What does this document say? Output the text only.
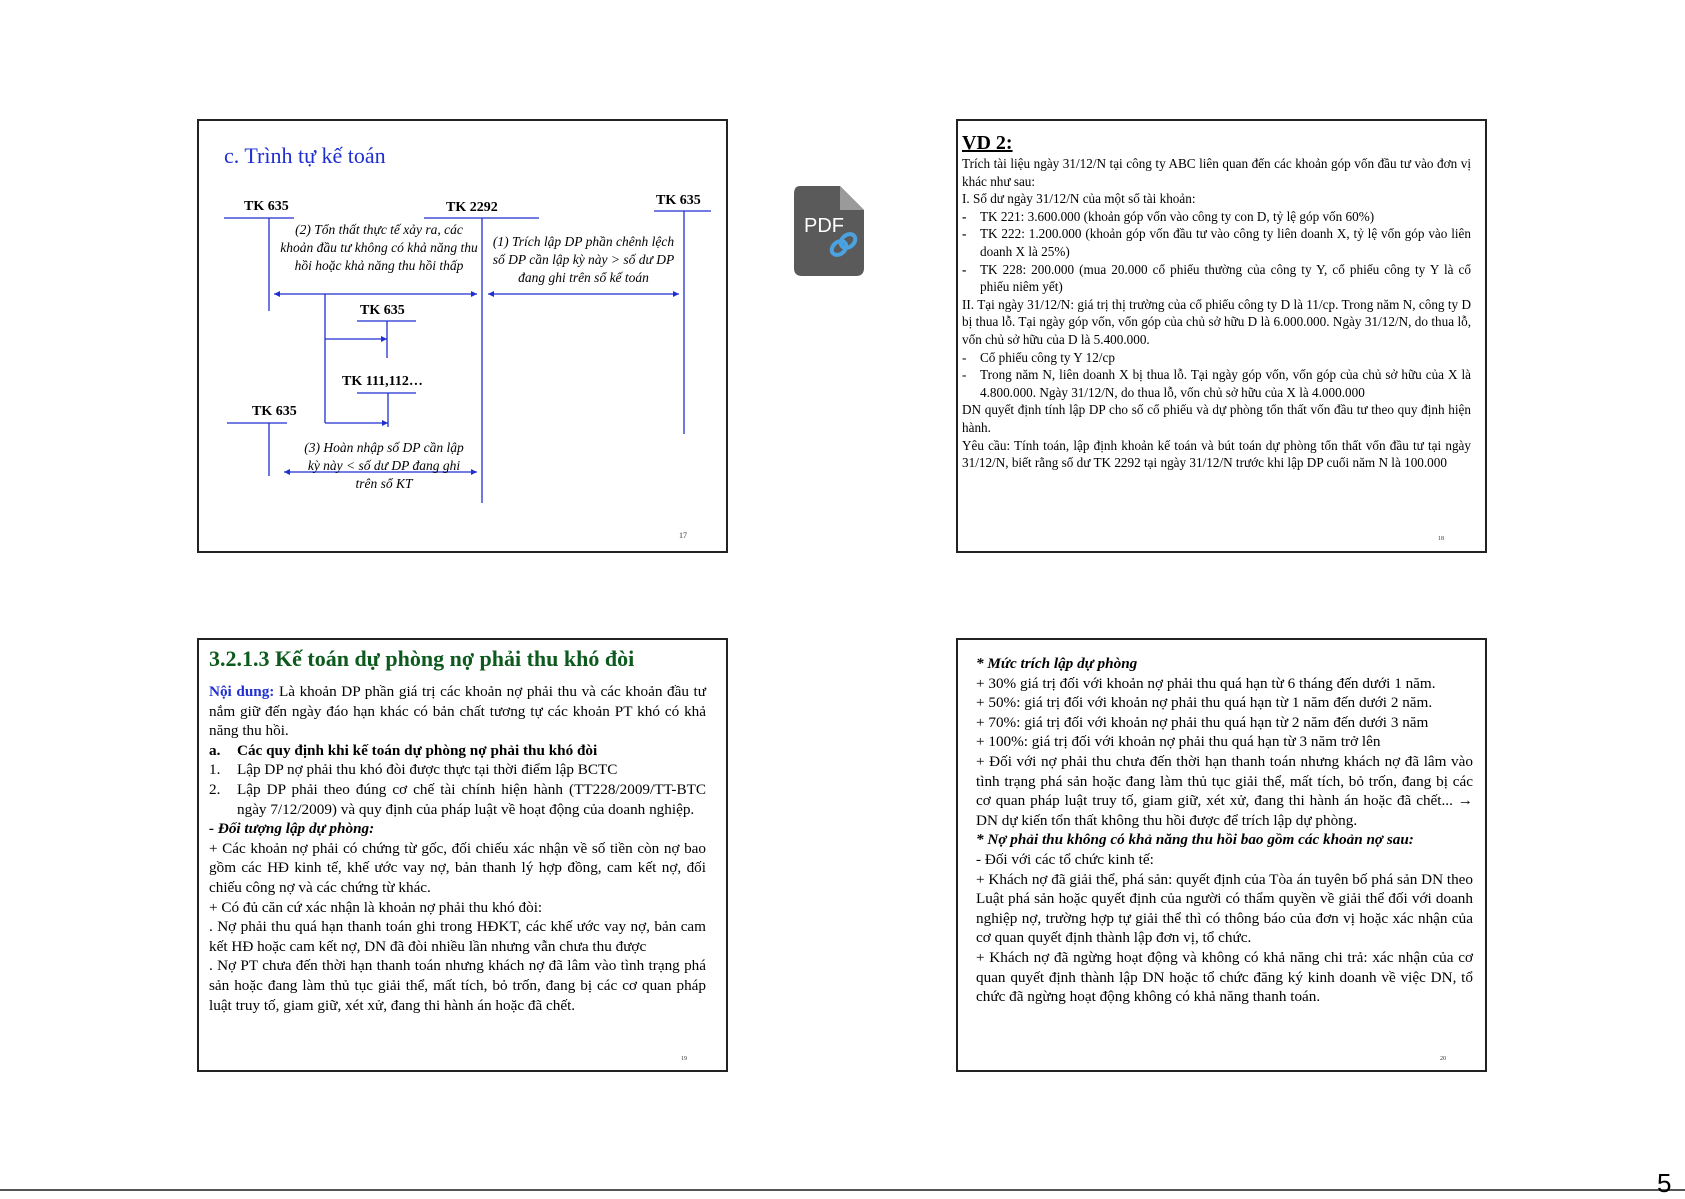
c. Trình tự kế toán
TK 635	TK 2292	TK 635
TK 635
TK 111,112…
TK 635
(2) Tổn thất thực tế xảy ra, các khoản đầu tư không có khả năng thu hồi hoặc khả năng thu hồi thấp
(1) Trích lập DP phần chênh lệch số DP cần lập kỳ này > số dư DP đang ghi trên sổ kế toán
(3) Hoàn nhập số DP cần lập kỳ này < số dư DP đang ghi trên sổ KT
17
PDF
VD 2:
Trích tài liệu ngày 31/12/N tại công ty ABC liên quan đến các khoản góp vốn đầu tư vào đơn vị khác như sau:
I. Số dư ngày 31/12/N của một số tài khoản:
-	TK 221: 3.600.000 (khoản góp vốn vào công ty con D, tỷ lệ góp vốn 60%)
-	TK 222: 1.200.000 (khoản góp vốn đầu tư vào công ty liên doanh X, tỷ lệ vốn góp vào liên doanh X là 25%)
-	TK 228: 200.000 (mua 20.000 cổ phiếu thường của công ty Y, cổ phiếu công ty Y là cổ phiếu niêm yết)
II. Tại ngày 31/12/N: giá trị thị trường của cổ phiếu công ty D là 11/cp. Trong năm N, công ty D bị thua lỗ. Tại ngày góp vốn, vốn góp của chủ sở hữu D là 6.000.000. Ngày 31/12/N, do thua lỗ, vốn chủ sở hữu của D là 5.400.000.
-	Cổ phiếu công ty Y 12/cp
-	Trong năm N, liên doanh X bị thua lỗ. Tại ngày góp vốn, vốn góp của chủ sở hữu của X là 4.800.000. Ngày 31/12/N, do thua lỗ, vốn chủ sở hữu của X là 4.000.000
DN quyết định tính lập DP cho số cổ phiếu và dự phòng tổn thất vốn đầu tư theo quy định hiện hành.
Yêu cầu: Tính toán, lập định khoản kế toán và bút toán dự phòng tổn thất vốn đầu tư tại ngày 31/12/N, biết rằng số dư TK 2292 tại ngày 31/12/N trước khi lập DP cuối năm N là 100.000
18
3.2.1.3 Kế toán dự phòng nợ phải thu khó đòi
Nội dung: Là khoản DP phần giá trị các khoản nợ phải thu và các khoản đầu tư nắm giữ đến ngày đáo hạn khác có bản chất tương tự các khoản PT khó có khả năng thu hồi.
a.	Các quy định khi kế toán dự phòng nợ phải thu khó đòi
1.	Lập DP nợ phải thu khó đòi được thực tại thời điểm lập BCTC
2.	Lập DP phải theo đúng cơ chế tài chính hiện hành (TT228/2009/TT-BTC ngày 7/12/2009) và quy định của pháp luật về hoạt động của doanh nghiệp.
- Đối tượng lập dự phòng:
+ Các khoản nợ phải có chứng từ gốc, đối chiếu xác nhận về số tiền còn nợ bao gồm các HĐ kinh tế, khế ước vay nợ, bản thanh lý hợp đồng, cam kết nợ, đối chiếu công nợ và các chứng từ khác.
+ Có đủ căn cứ xác nhận là khoản nợ phải thu khó đòi:
. Nợ phải thu quá hạn thanh toán ghi trong HĐKT, các khế ước vay nợ, bản cam kết HĐ hoặc cam kết nợ, DN đã đòi nhiều lần nhưng vẫn chưa thu được
. Nợ PT chưa đến thời hạn thanh toán nhưng khách nợ đã lâm vào tình trạng phá sản hoặc đang làm thủ tục giải thể, mất tích, bỏ trốn, đang bị các cơ quan pháp luật truy tố, giam giữ, xét xử, đang thi hành án hoặc đã chết.
19
* Mức trích lập dự phòng
+ 30% giá trị đối với khoản nợ phải thu quá hạn từ 6 tháng đến dưới 1 năm.
+ 50%: giá trị đối với khoản nợ phải thu quá hạn từ 1 năm đến dưới 2 năm.
+ 70%: giá trị đối với khoản nợ phải thu quá hạn từ 2 năm đến dưới 3 năm
+ 100%: giá trị đối với khoản nợ phải thu quá hạn từ 3 năm trở lên
+ Đối với nợ phải thu chưa đến thời hạn thanh toán nhưng khách nợ đã lâm vào tình trạng phá sản hoặc đang làm thủ tục giải thể, mất tích, bỏ trốn, đang bị các cơ quan pháp luật truy tố, giam giữ, xét xử, đang thi hành án hoặc đã chết... → DN dự kiến tổn thất không thu hồi được để trích lập dự phòng.
* Nợ phải thu không có khả năng thu hồi bao gồm các khoản nợ sau:
- Đối với các tổ chức kinh tế:
+ Khách nợ đã giải thể, phá sản: quyết định của Tòa án tuyên bố phá sản DN theo Luật phá sản hoặc quyết định của người có thẩm quyền về giải thể đối với doanh nghiệp nợ, trường hợp tự giải thể thì có thông báo của đơn vị hoặc xác nhận của cơ quan quyết định thành lập đơn vị, tổ chức.
+ Khách nợ đã ngừng hoạt động và không có khả năng chi trả: xác nhận của cơ quan quyết định thành lập DN hoặc tổ chức đăng ký kinh doanh về việc DN, tổ chức đã ngừng hoạt động không có khả năng thanh toán.
20
5
